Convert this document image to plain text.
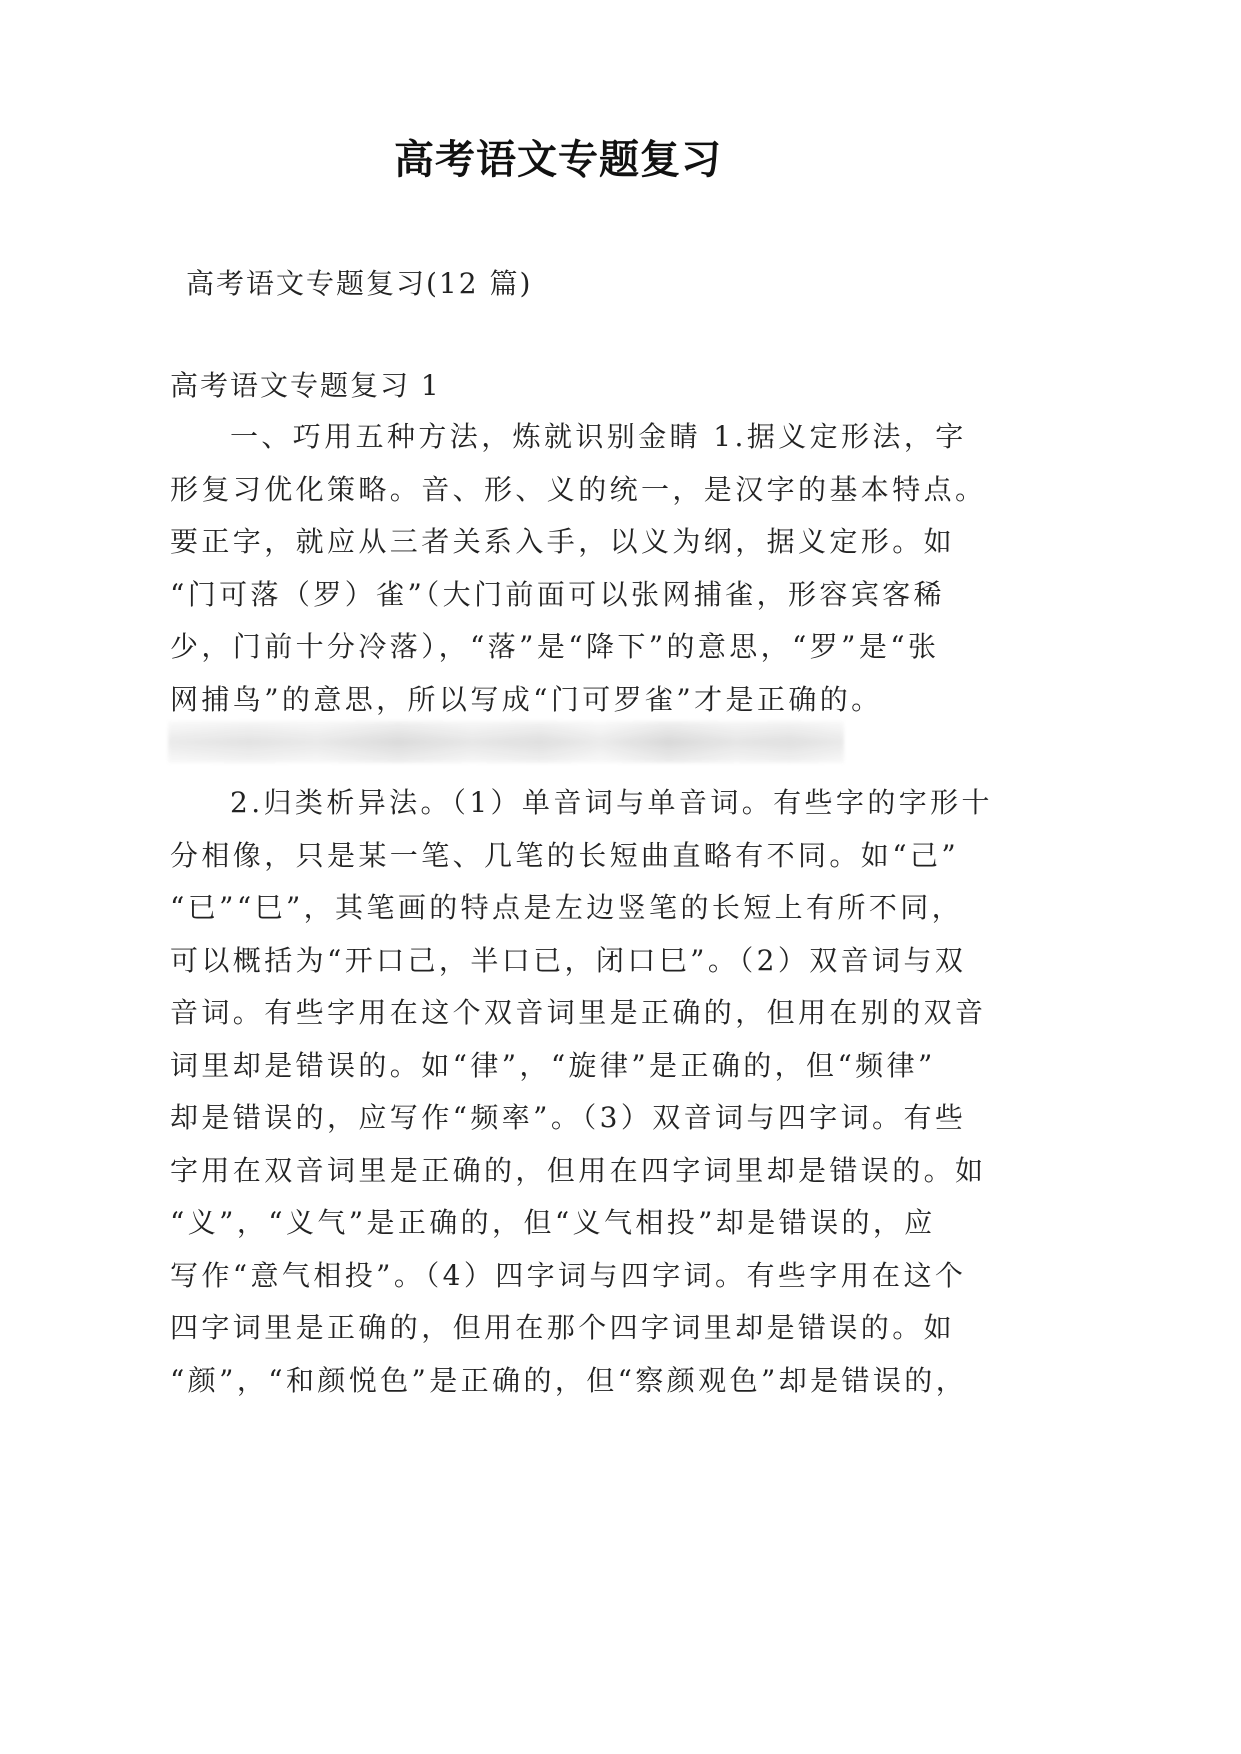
高考语文专题复习
高考语文专题复习(12 篇)
高考语文专题复习 1
一、巧用五种方法，炼就识别金睛 1.据义定形法，字
形复习优化策略。音、形、义的统一，是汉字的基本特点。
要正字，就应从三者关系入手，以义为纲，据义定形。如
“门可落（罗）雀”（大门前面可以张网捕雀，形容宾客稀
少，门前十分冷落），“落”是“降下”的意思，“罗”是“张
网捕鸟”的意思，所以写成“门可罗雀”才是正确的。
2.归类析异法。（1）单音词与单音词。有些字的字形十
分相像，只是某一笔、几笔的长短曲直略有不同。如“己”
“已”“巳”，其笔画的特点是左边竖笔的长短上有所不同，
可以概括为“开口己，半口已，闭口巳”。（2）双音词与双
音词。有些字用在这个双音词里是正确的，但用在别的双音
词里却是错误的。如“律”，“旋律”是正确的，但“频律”
却是错误的，应写作“频率”。（3）双音词与四字词。有些
字用在双音词里是正确的，但用在四字词里却是错误的。如
“义”，“义气”是正确的，但“义气相投”却是错误的，应
写作“意气相投”。（4）四字词与四字词。有些字用在这个
四字词里是正确的，但用在那个四字词里却是错误的。如
“颜”，“和颜悦色”是正确的，但“察颜观色”却是错误的，
